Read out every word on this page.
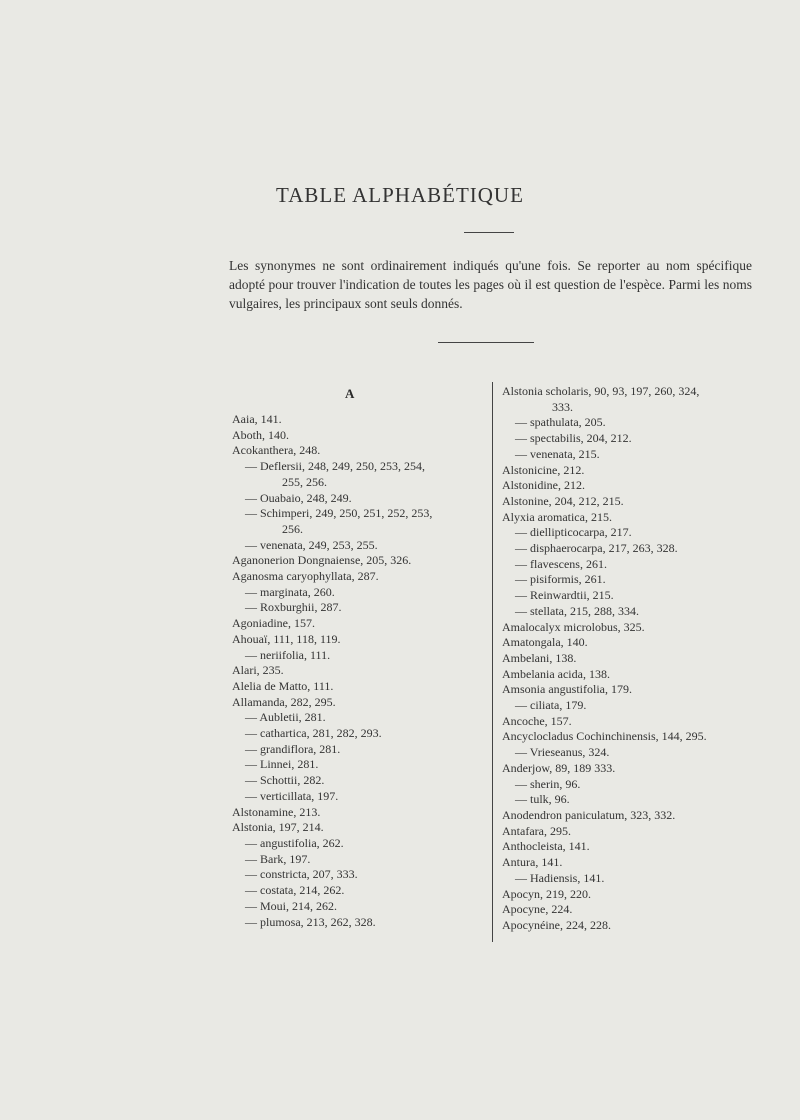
TABLE ALPHABÉTIQUE
Les synonymes ne sont ordinairement indiqués qu'une fois. Se reporter au nom spécifique adopté pour trouver l'indication de toutes les pages où il est question de l'espèce. Parmi les noms vulgaires, les principaux sont seuls donnés.
A
Aaia, 141.
Aboth, 140.
Acokanthera, 248.
— Deflersii, 248, 249, 250, 253, 254,
255, 256.
— Ouabaio, 248, 249.
— Schimperi, 249, 250, 251, 252, 253,
256.
— venenata, 249, 253, 255.
Aganonerion Dongnaiense, 205, 326.
Aganosma caryophyllata, 287.
— marginata, 260.
— Roxburghii, 287.
Agoniadine, 157.
Ahouaï, 111, 118, 119.
— neriifolia, 111.
Alari, 235.
Alelia de Matto, 111.
Allamanda, 282, 295.
— Aubletii, 281.
— cathartica, 281, 282, 293.
— grandiflora, 281.
— Linnei, 281.
— Schottii, 282.
— verticillata, 197.
Alstonamine, 213.
Alstonia, 197, 214.
— angustifolia, 262.
— Bark, 197.
— constricta, 207, 333.
— costata, 214, 262.
— Moui, 214, 262.
— plumosa, 213, 262, 328.
Alstonia scholaris, 90, 93, 197, 260, 324,
333.
— spathulata, 205.
— spectabilis, 204, 212.
— venenata, 215.
Alstonicine, 212.
Alstonidine, 212.
Alstonine, 204, 212, 215.
Alyxia aromatica, 215.
— diellipticocarpa, 217.
— disphaerocarpa, 217, 263, 328.
— flavescens, 261.
— pisiformis, 261.
— Reinwardtii, 215.
— stellata, 215, 288, 334.
Amalocalyx microlobus, 325.
Amatongala, 140.
Ambelani, 138.
Ambelania acida, 138.
Amsonia angustifolia, 179.
— ciliata, 179.
Ancoche, 157.
Ancyclocladus Cochinchinensis, 144, 295.
— Vrieseanus, 324.
Anderjow, 89, 189 333.
— sherin, 96.
— tulk, 96.
Anodendron paniculatum, 323, 332.
Antafara, 295.
Anthocleista, 141.
Antura, 141.
— Hadiensis, 141.
Apocyn, 219, 220.
Apocyne, 224.
Apocynéine, 224, 228.
